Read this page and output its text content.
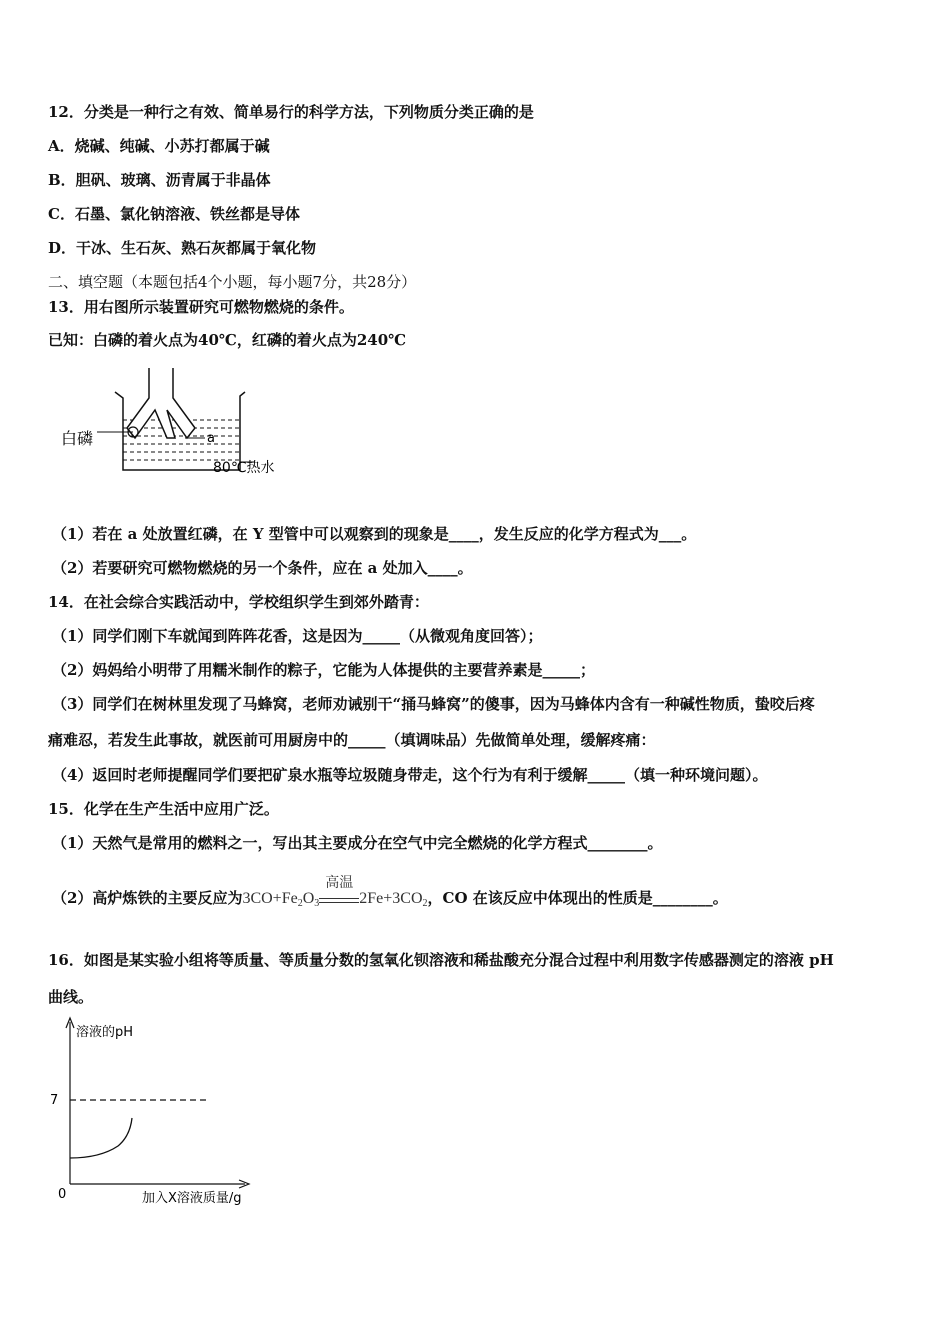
12．分类是一种行之有效、简单易行的科学方法，下列物质分类正确的是
A．烧碱、纯碱、小苏打都属于碱
B．胆矾、玻璃、沥青属于非晶体
C．石墨、氯化钠溶液、铁丝都是导体
D．干冰、生石灰、熟石灰都属于氧化物
二、填空题（本题包括4个小题，每小题7分，共28分）
13．用右图所示装置研究可燃物燃烧的条件。
已知：白磷的着火点为40℃，红磷的着火点为240℃
白磷	a
80℃热水
（1）若在 a 处放置红磷，在 Y 型管中可以观察到的现象是____，发生反应的化学方程式为___。
（2）若要研究可燃物燃烧的另一个条件，应在 a 处加入____。
14．在社会综合实践活动中，学校组织学生到郊外踏青：
（1）同学们刚下车就闻到阵阵花香，这是因为_____（从微观角度回答）；
（2）妈妈给小明带了用糯米制作的粽子，它能为人体提供的主要营养素是_____；
（3）同学们在树林里发现了马蜂窝，老师劝诫别干“捅马蜂窝”的傻事，因为马蜂体内含有一种碱性物质，蛰咬后疼
痛难忍，若发生此事故，就医前可用厨房中的_____（填调味品）先做简单处理，缓解疼痛：
（4）返回时老师提醒同学们要把矿泉水瓶等垃圾随身带走，这个行为有利于缓解_____（填一种环境问题）。
15．化学在生产生活中应用广泛。
（1）天然气是常用的燃料之一，写出其主要成分在空气中完全燃烧的化学方程式________。
（2）高炉炼铁的主要反应为$3CO+Fe_2O_3$
高温
$2Fe+3CO_2$，CO 在该反应中体现出的性质是________。
16．如图是某实验小组将等质量、等质量分数的氢氧化钡溶液和稀盐酸充分混合过程中利用数字传感器测定的溶液 pH
曲线。
溶液的pH
7
0	加入X溶液质量/g
